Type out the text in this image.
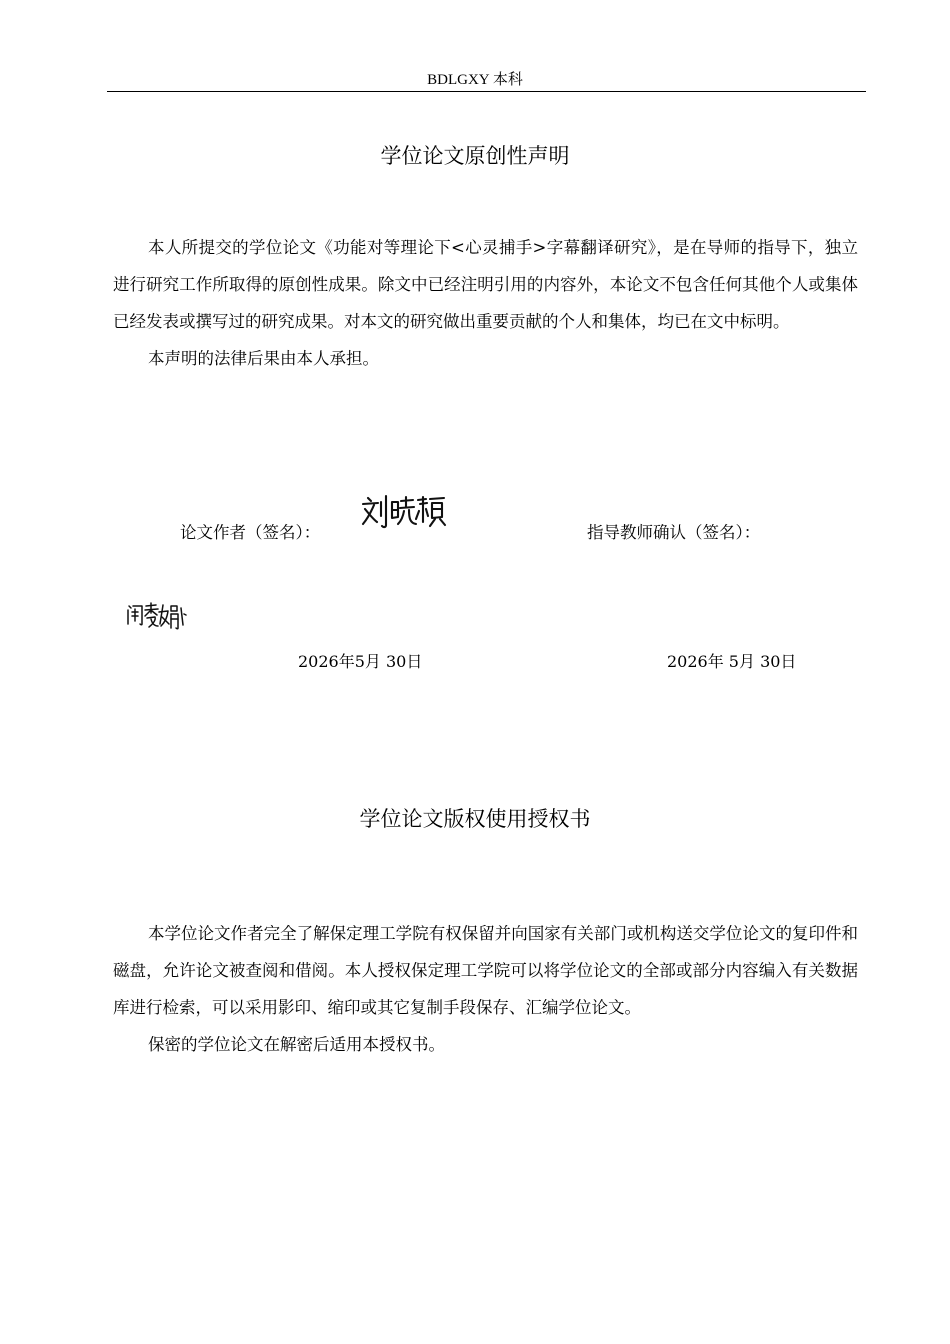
BDLGXY 本科
学位论文原创性声明

本人所提交的学位论文《功能对等理论下<心灵捕手>字幕翻译研究》，是在导师的指导下，独立进行研究工作所取得的原创性成果。除文中已经注明引用的内容外，本论文不包含任何其他个人或集体已经发表或撰写过的研究成果。对本文的研究做出重要贡献的个人和集体，均已在文中标明。

本声明的法律后果由本人承担。

论文作者（签名）：	指导教师确认（签名）：
2026年5月 30日	2026年 5月 30日
学位论文版权使用授权书

本学位论文作者完全了解保定理工学院有权保留并向国家有关部门或机构送交学位论文的复印件和磁盘，允许论文被查阅和借阅。本人授权保定理工学院可以将学位论文的全部或部分内容编入有关数据库进行检索，可以采用影印、缩印或其它复制手段保存、汇编学位论文。

保密的学位论文在解密后适用本授权书。
